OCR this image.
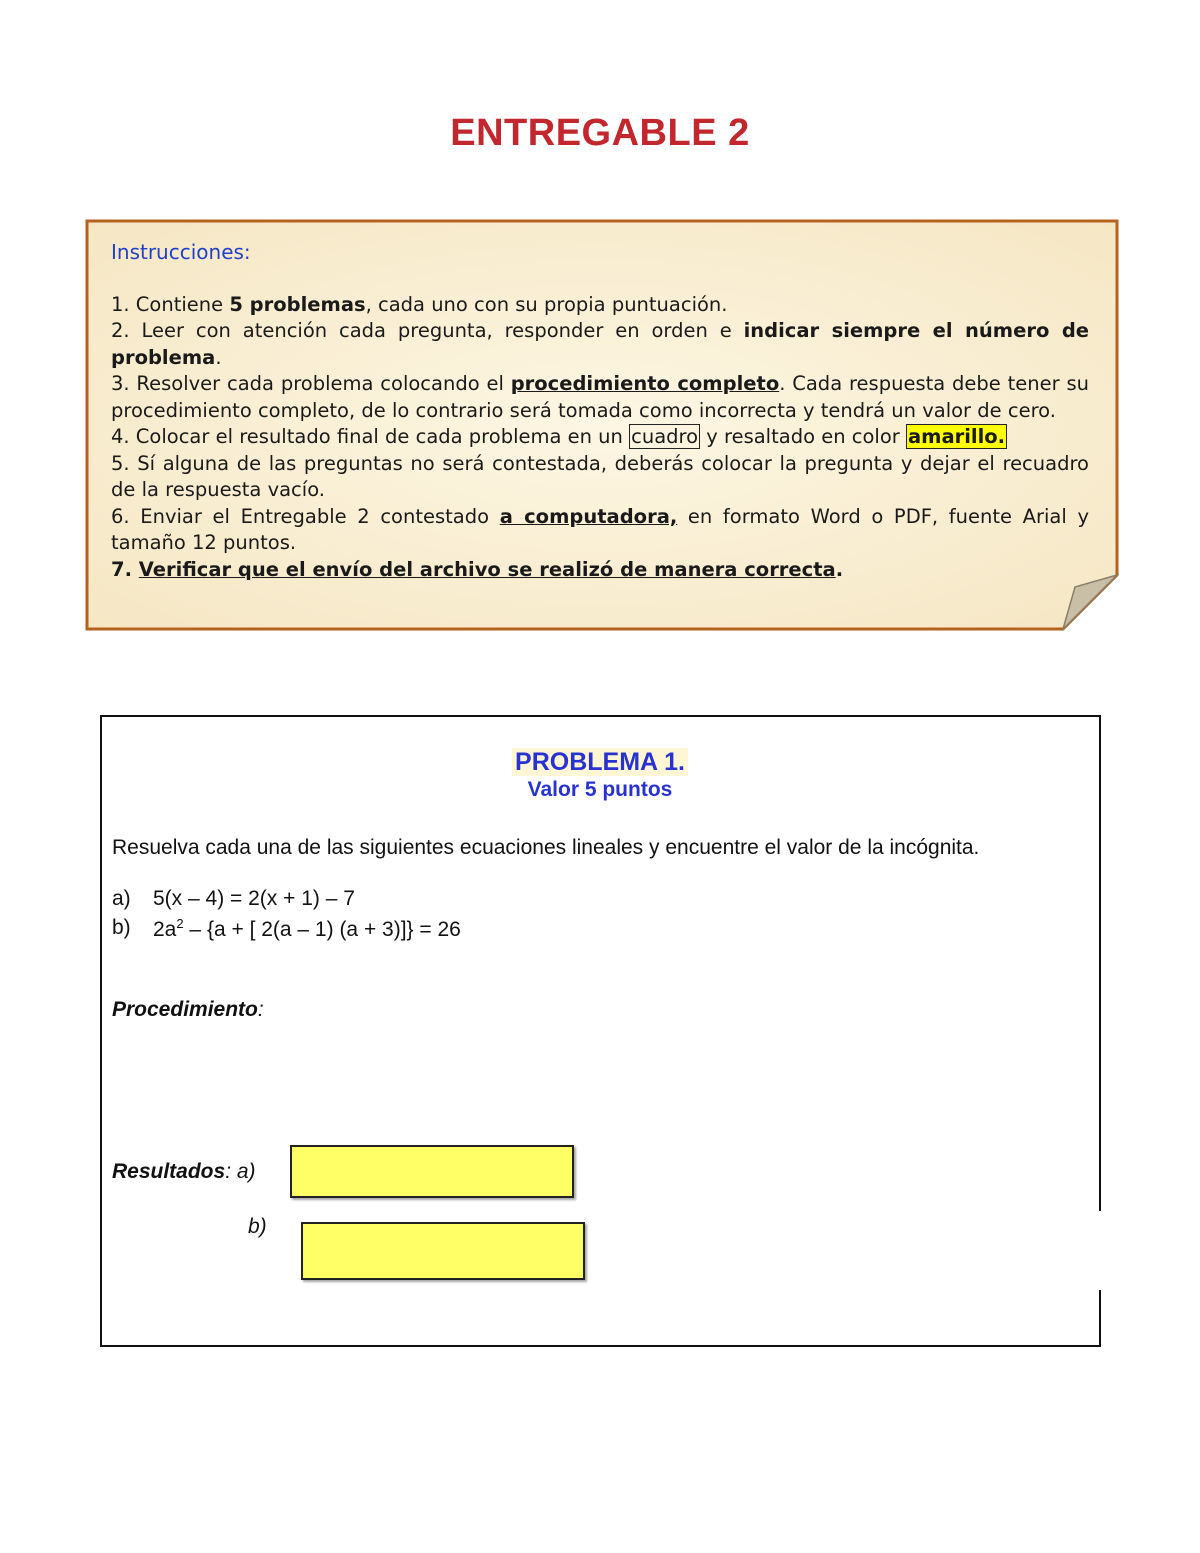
ENTREGABLE 2

Instrucciones:

1. Contiene 5 problemas, cada uno con su propia puntuación.

2. Leer con atención cada pregunta, responder en orden e indicar siempre el número de problema.

3. Resolver cada problema colocando el procedimiento completo. Cada respuesta debe tener su procedimiento completo, de lo contrario será tomada como incorrecta y tendrá un valor de cero.

4. Colocar el resultado final de cada problema en un cuadro y resaltado en color amarillo.

5. Sí alguna de las preguntas no será contestada, deberás colocar la pregunta y dejar el recuadro de la respuesta vacío.

6. Enviar el Entregable 2 contestado a computadora, en formato Word o PDF, fuente Arial y tamaño 12 puntos.

7. Verificar que el envío del archivo se realizó de manera correcta.

PROBLEMA 1.
Valor 5 puntos
Resuelva cada una de las siguientes ecuaciones lineales y encuentre el valor de la incógnita.
a) 5(x – 4) = 2(x + 1) – 7
b) $2a^2 - \{a$ + [ 2(a – 1) (a + 3)]} = 26
Procedimiento:
Resultados: a)
b)
